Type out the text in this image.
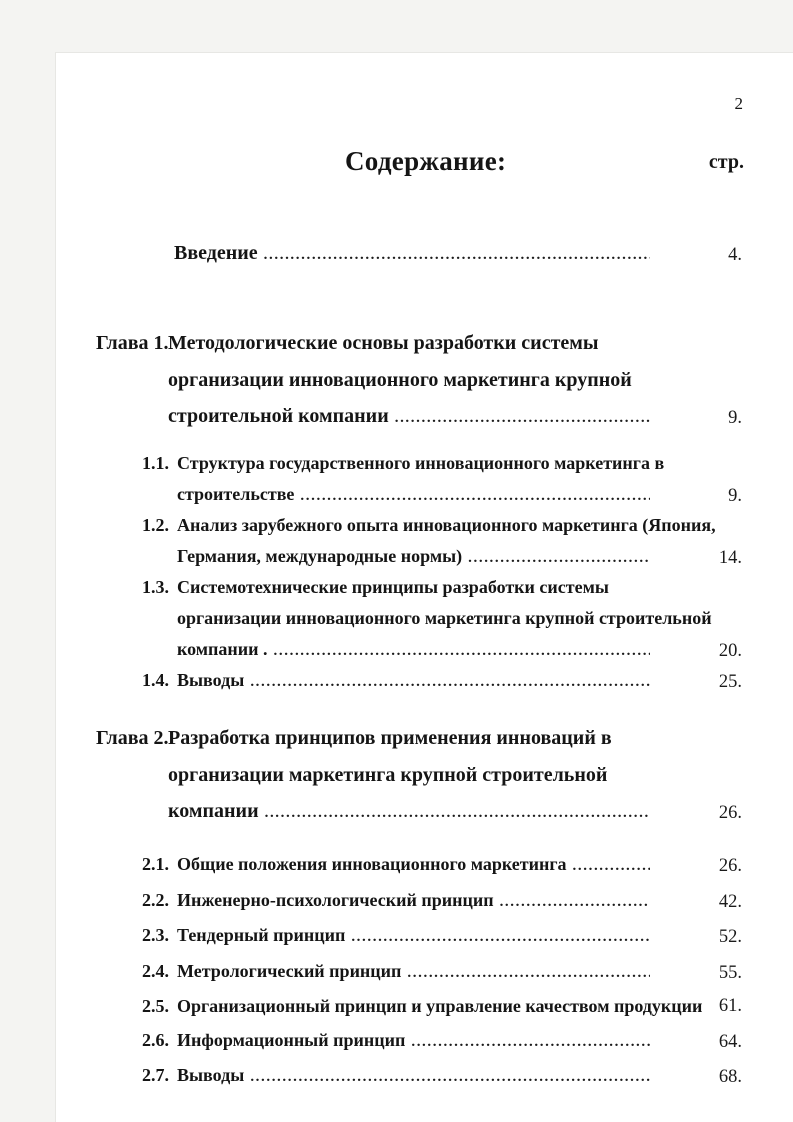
2
Содержание:	стр.
Введение .....	4.
Глава 1. Методологические основы разработки системы
организации инновационного маркетинга крупной
строительной компании .....	9.
1.1. Структура государственного инновационного маркетинга в
строительстве .....	9.
1.2. Анализ зарубежного опыта инновационного маркетинга (Япония,
Германия, международные нормы) .....	14.
1.3. Системотехнические принципы разработки системы
организации инновационного маркетинга крупной строительной
компании . .....	20.
1.4. Выводы .....	25.
Глава 2. Разработка принципов применения инноваций в
организации маркетинга крупной строительной
компании .....	26.
2.1. Общие положения инновационного маркетинга .....	26.
2.2. Инженерно-психологический принцип .....	42.
2.3. Тендерный принцип .....	52.
2.4. Метрологический принцип .....	55.
2.5. Организационный принцип и управление качеством продукции 61.
2.6. Информационный принцип .....	64.
2.7. Выводы .....	68.
